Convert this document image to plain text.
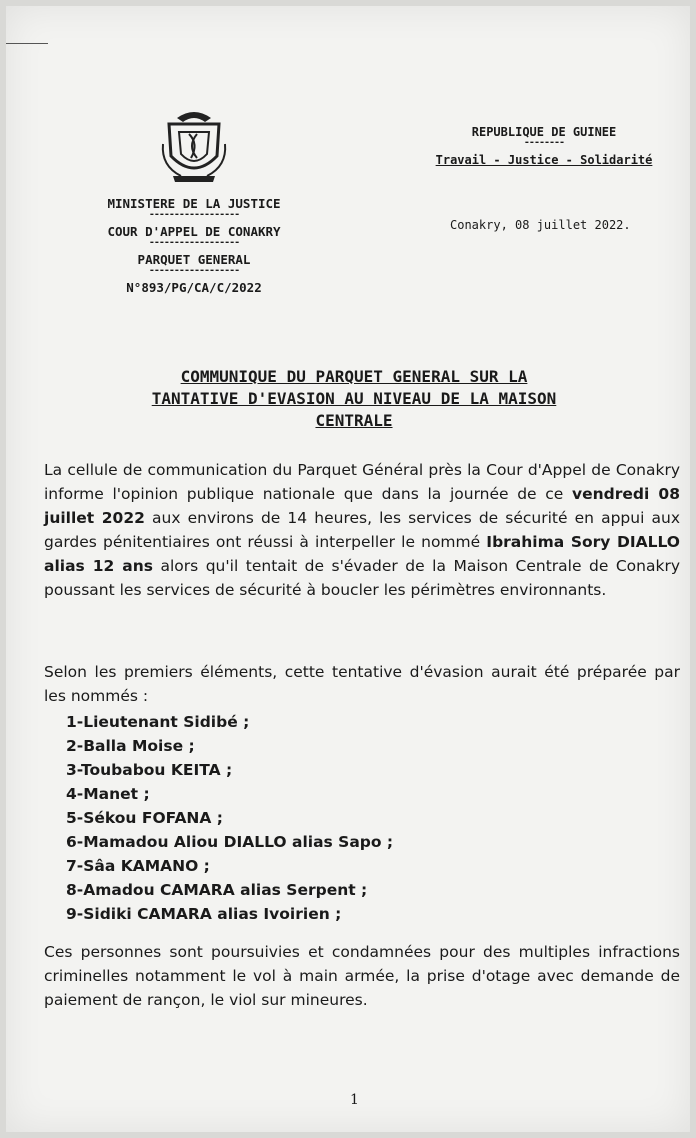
MINISTERE DE LA JUSTICE
------------------
COUR D'APPEL DE CONAKRY
------------------
PARQUET GENERAL
------------------
N°893/PG/CA/C/2022
REPUBLIQUE DE GUINEE
--------
Travail - Justice - Solidarité
Conakry, 08 juillet 2022.
COMMUNIQUE DU PARQUET GENERAL SUR LA
TANTATIVE D'EVASION AU NIVEAU DE LA MAISON
CENTRALE
La cellule de communication du Parquet Général près la Cour d'Appel de Conakry informe l'opinion publique nationale que dans la journée de ce vendredi 08 juillet 2022 aux environs de 14 heures, les services de sécurité en appui aux gardes pénitentiaires ont réussi à interpeller le nommé Ibrahima Sory DIALLO alias 12 ans alors qu'il tentait de s'évader de la Maison Centrale de Conakry poussant les services de sécurité à boucler les périmètres environnants.
Selon les premiers éléments, cette tentative d'évasion aurait été préparée par les nommés :
1-Lieutenant Sidibé ;
2-Balla Moise ;
3-Toubabou KEITA ;
4-Manet ;
5-Sékou FOFANA ;
6-Mamadou Aliou DIALLO alias Sapo ;
7-Sâa KAMANO ;
8-Amadou CAMARA alias Serpent ;
9-Sidiki CAMARA alias Ivoirien ;
Ces personnes sont poursuivies et condamnées pour des multiples infractions criminelles notamment le vol à main armée, la prise d'otage avec demande de paiement de rançon, le viol sur mineures.
1
